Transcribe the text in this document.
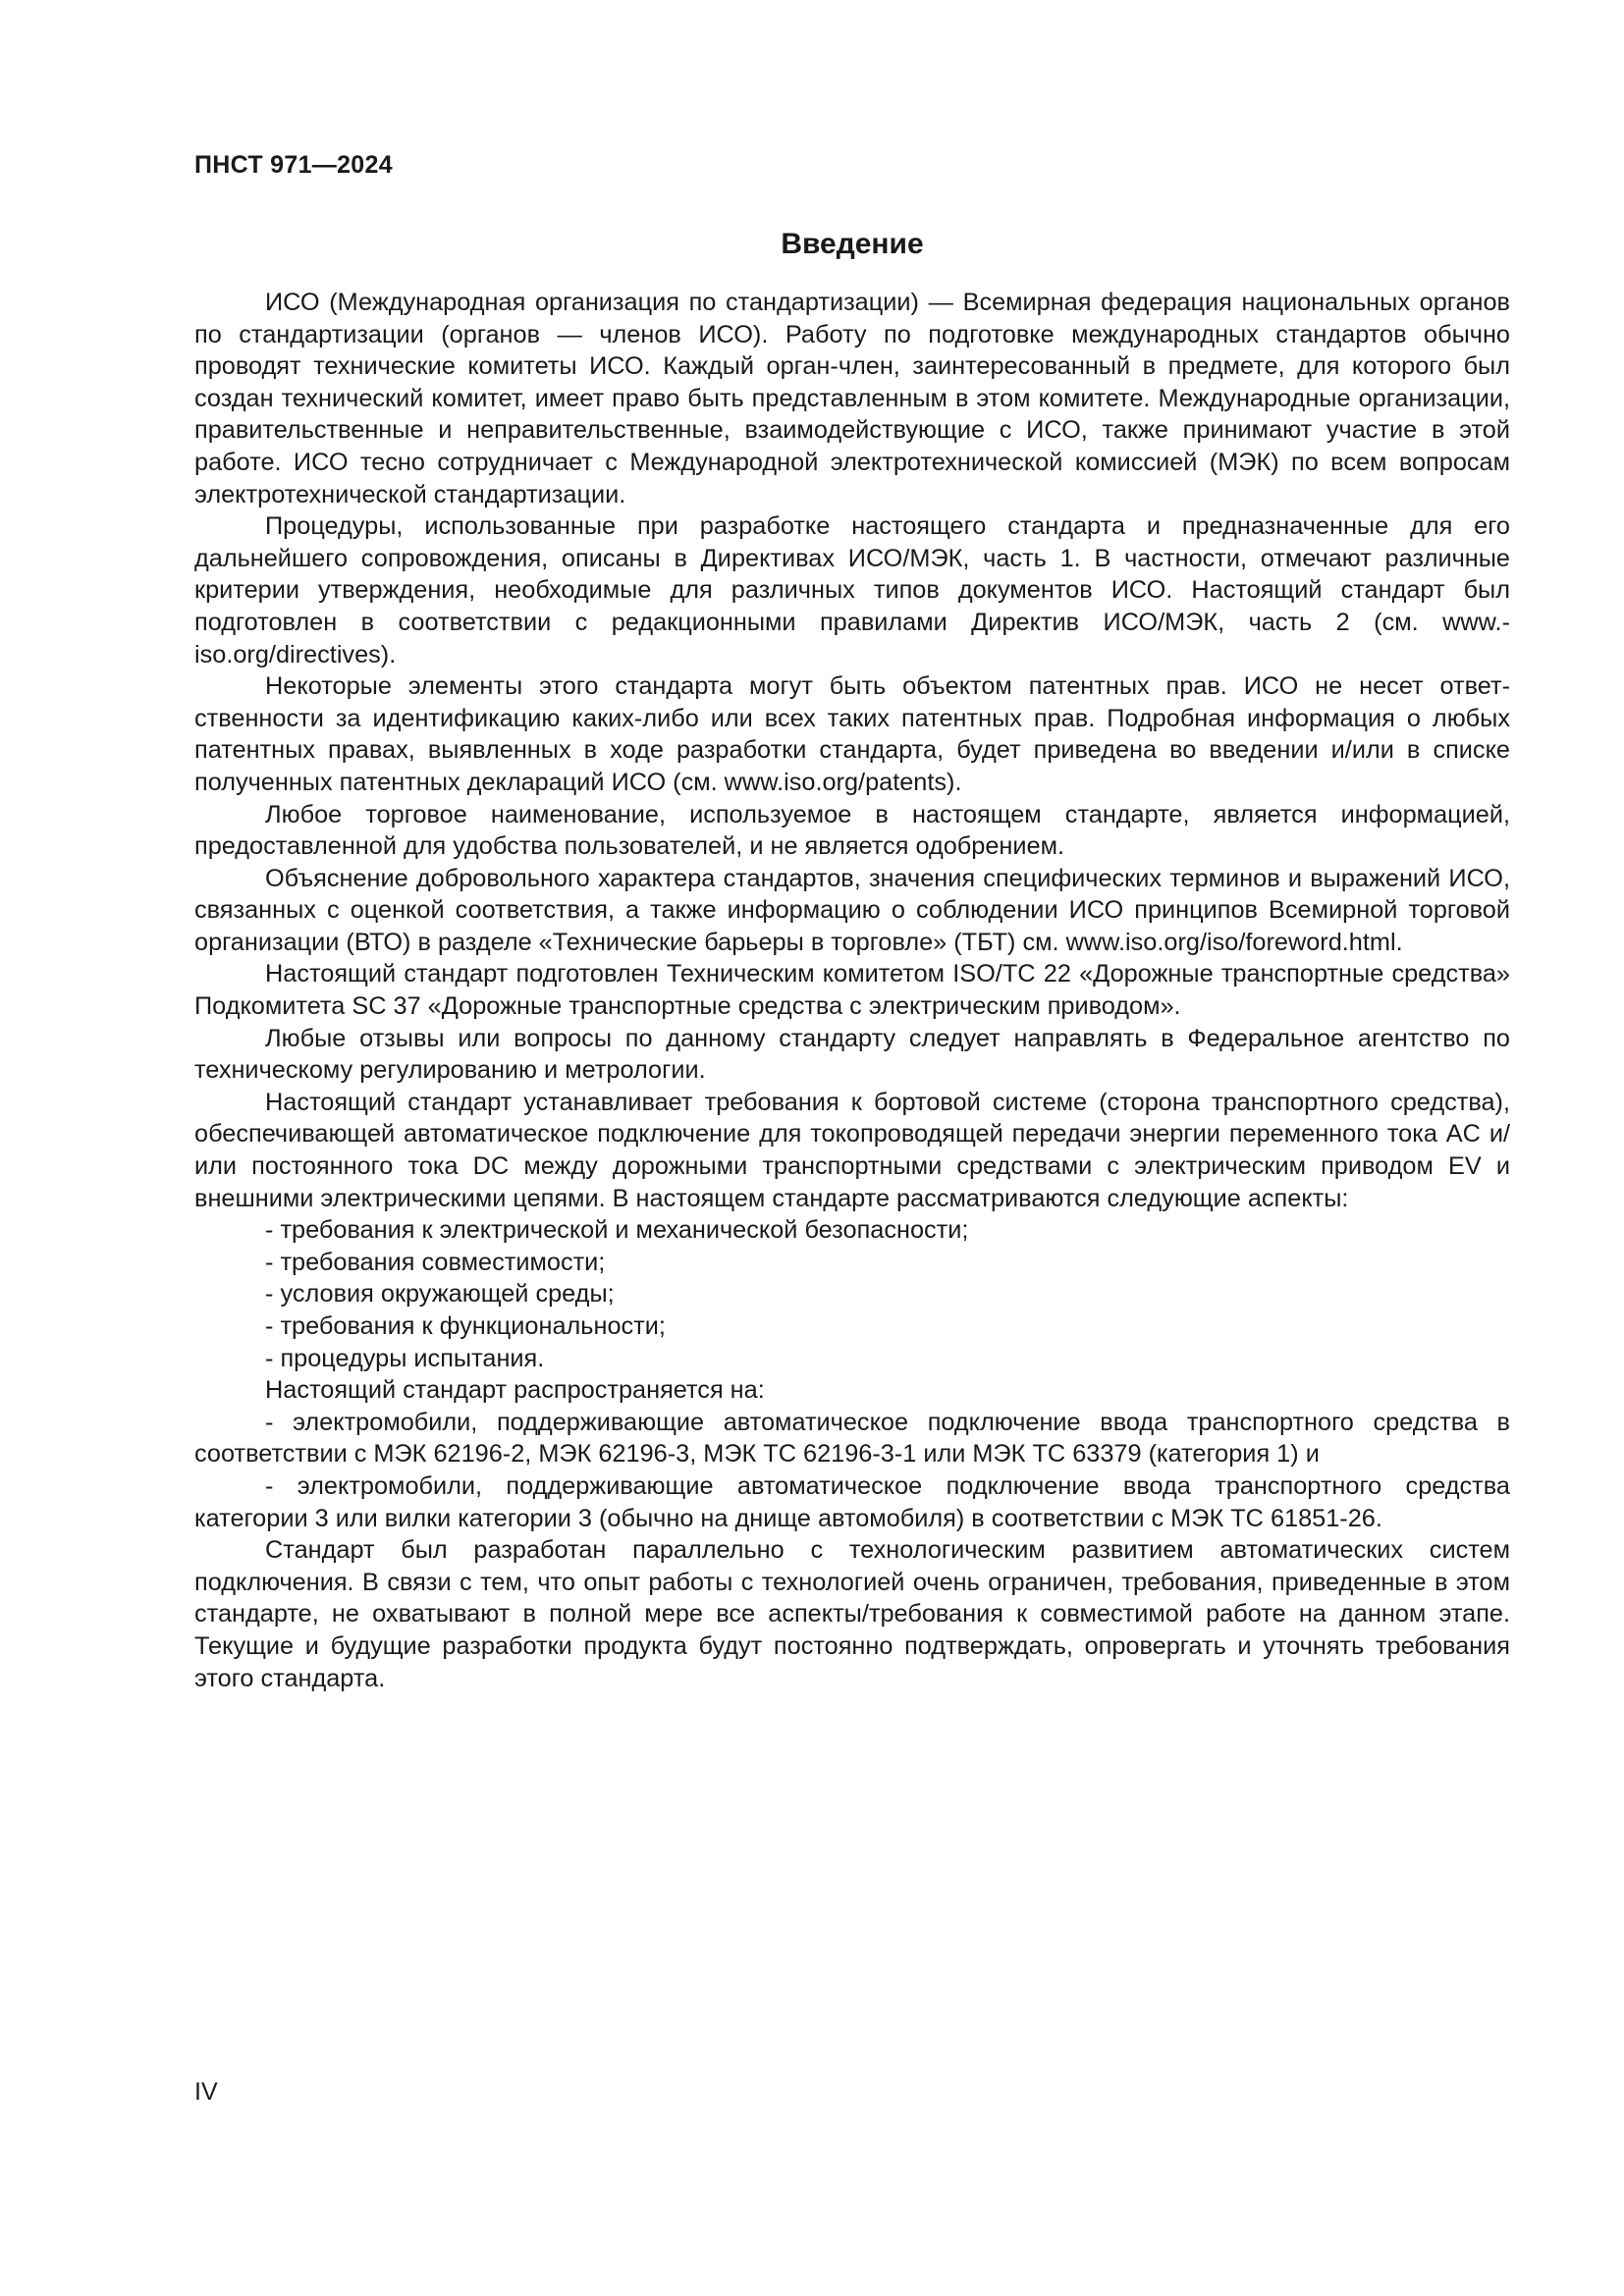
ПНСТ 971—2024
Введение

ИСО (Международная организация по стандартизации) — Всемирная федерация национальных органов по стандартизации (органов — членов ИСО). Работу по подготовке международных стандартов обычно проводят технические комитеты ИСО. Каждый орган-член, заинтересованный в предмете, для которого был создан технический комитет, имеет право быть представленным в этом комитете. Международные организации, правительственные и неправительственные, взаимодействующие с ИСО, также принимают участие в этой работе. ИСО тесно сотрудничает с Международной электротехнической комиссией (МЭК) по всем вопросам электротехнической стандартизации.

Процедуры, использованные при разработке настоящего стандарта и предназначенные для его дальнейшего сопровождения, описаны в Директивах ИСО/МЭК, часть 1. В частности, отмечают различные критерии утверждения, необходимые для различных типов документов ИСО. Настоящий стандарт был подготовлен в соответствии с редакционными правилами Директив ИСО/МЭК, часть 2 (см. www.iso.org/directives).

Некоторые элементы этого стандарта могут быть объектом патентных прав. ИСО не несет ответственности за идентификацию каких-либо или всех таких патентных прав. Подробная информация о любых патентных правах, выявленных в ходе разработки стандарта, будет приведена во введении и/или в списке полученных патентных деклараций ИСО (см. www.iso.org/patents).

Любое торговое наименование, используемое в настоящем стандарте, является информацией, предоставленной для удобства пользователей, и не является одобрением.

Объяснение добровольного характера стандартов, значения специфических терминов и выражений ИСО, связанных с оценкой соответствия, а также информацию о соблюдении ИСО принципов Всемирной торговой организации (ВТО) в разделе «Технические барьеры в торговле» (ТБТ) см. www.iso.org/iso/foreword.html.

Настоящий стандарт подготовлен Техническим комитетом ISO/TC 22 «Дорожные транспортные средства» Подкомитета SC 37 «Дорожные транспортные средства с электрическим приводом».

Любые отзывы или вопросы по данному стандарту следует направлять в Федеральное агентство по техническому регулированию и метрологии.

Настоящий стандарт устанавливает требования к бортовой системе (сторона транспортного средства), обеспечивающей автоматическое подключение для токопроводящей передачи энергии переменного тока AC и/или постоянного тока DC между дорожными транспортными средствами с электрическим приводом EV и внешними электрическими цепями. В настоящем стандарте рассматриваются следующие аспекты:

- требования к электрической и механической безопасности;

- требования совместимости;

- условия окружающей среды;

- требования к функциональности;

- процедуры испытания.

Настоящий стандарт распространяется на:

- электромобили, поддерживающие автоматическое подключение ввода транспортного средства в соответствии с МЭК 62196-2, МЭК 62196-3, МЭК ТС 62196-3-1 или МЭК ТС 63379 (категория 1) и

- электромобили, поддерживающие автоматическое подключение ввода транспортного средства категории 3 или вилки категории 3 (обычно на днище автомобиля) в соответствии с МЭК ТС 61851-26.

Стандарт был разработан параллельно с технологическим развитием автоматических систем подключения. В связи с тем, что опыт работы с технологией очень ограничен, требования, приведенные в этом стандарте, не охватывают в полной мере все аспекты/требования к совместимой работе на данном этапе. Текущие и будущие разработки продукта будут постоянно подтверждать, опровергать и уточнять требования этого стандарта.

IV
